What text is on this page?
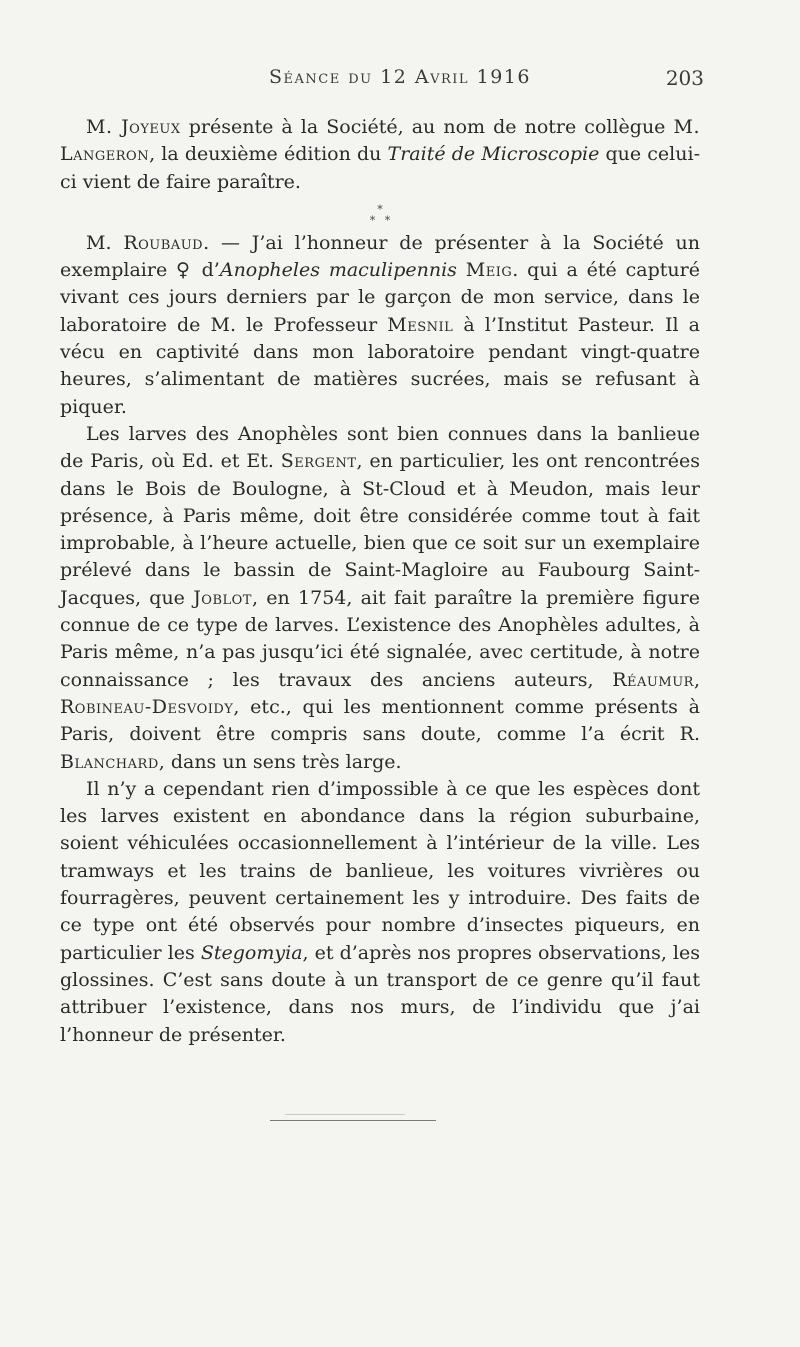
Séance du 12 Avril 1916	203

M. Joyeux présente à la Société, au nom de notre collègue M. Langeron, la deuxième édition du Traité de Microscopie que celui-ci vient de faire paraître.

*
* *

M. Roubaud. — J’ai l’honneur de présenter à la Société un exemplaire ♀ d’Anopheles maculipennis Meig. qui a été capturé vivant ces jours derniers par le garçon de mon service, dans le laboratoire de M. le Professeur Mesnil à l’Institut Pasteur. Il a vécu en captivité dans mon laboratoire pendant vingt-quatre heures, s’alimentant de matières sucrées, mais se refusant à piquer.

Les larves des Anophèles sont bien connues dans la banlieue de Paris, où Ed. et Et. Sergent, en particulier, les ont rencontrées dans le Bois de Boulogne, à St-Cloud et à Meudon, mais leur présence, à Paris même, doit être considérée comme tout à fait improbable, à l’heure actuelle, bien que ce soit sur un exemplaire prélevé dans le bassin de Saint-Magloire au Faubourg Saint-Jacques, que Joblot, en 1754, ait fait paraître la première figure connue de ce type de larves. L’existence des Anophèles adultes, à Paris même, n’a pas jusqu’ici été signalée, avec certitude, à notre connaissance ; les travaux des anciens auteurs, Réaumur, Robineau-Desvoidy, etc., qui les mentionnent comme présents à Paris, doivent être compris sans doute, comme l’a écrit R. Blanchard, dans un sens très large.

Il n’y a cependant rien d’impossible à ce que les espèces dont les larves existent en abondance dans la région suburbaine, soient véhiculées occasionnellement à l’intérieur de la ville. Les tramways et les trains de banlieue, les voitures vivrières ou fourragères, peuvent certainement les y introduire. Des faits de ce type ont été observés pour nombre d’insectes piqueurs, en particulier les Stegomyia, et d’après nos propres observations, les glossines. C’est sans doute à un transport de ce genre qu’il faut attribuer l’existence, dans nos murs, de l’individu que j’ai l’honneur de présenter.
